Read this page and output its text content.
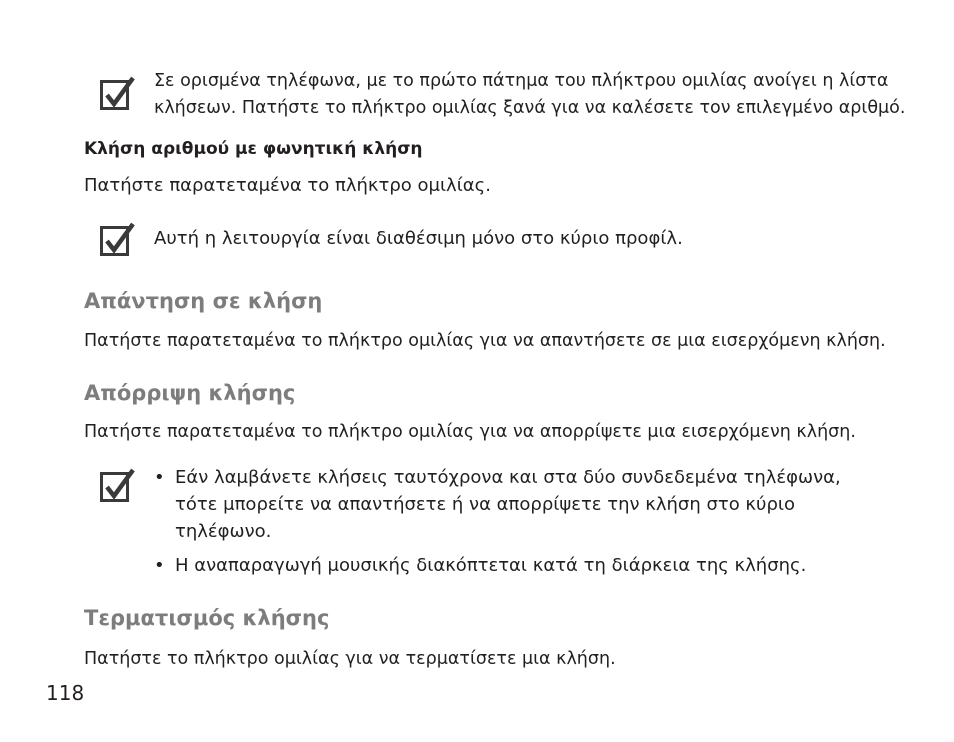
Σε ορισμένα τηλέφωνα, με το πρώτο πάτημα του πλήκτρου ομιλίας ανοίγει η λίστα
κλήσεων. Πατήστε το πλήκτρο ομιλίας ξανά για να καλέσετε τον επιλεγμένο αριθμό.
Κλήση αριθμού με φωνητική κλήση
Πατήστε παρατεταμένα το πλήκτρο ομιλίας.
Αυτή η λειτουργία είναι διαθέσιμη μόνο στο κύριο προφίλ.
Απάντηση σε κλήση
Πατήστε παρατεταμένα το πλήκτρο ομιλίας για να απαντήσετε σε μια εισερχόμενη κλήση.
Απόρριψη κλήσης
Πατήστε παρατεταμένα το πλήκτρο ομιλίας για να απορρίψετε μια εισερχόμενη κλήση.
• Εάν λαμβάνετε κλήσεις ταυτόχρονα και στα δύο συνδεδεμένα τηλέφωνα, τότε μπορείτε να απαντήσετε ή να απορρίψετε την κλήση στο κύριο τηλέφωνο.
• Η αναπαραγωγή μουσικής διακόπτεται κατά τη διάρκεια της κλήσης.
Τερματισμός κλήσης
Πατήστε το πλήκτρο ομιλίας για να τερματίσετε μια κλήση.
118
